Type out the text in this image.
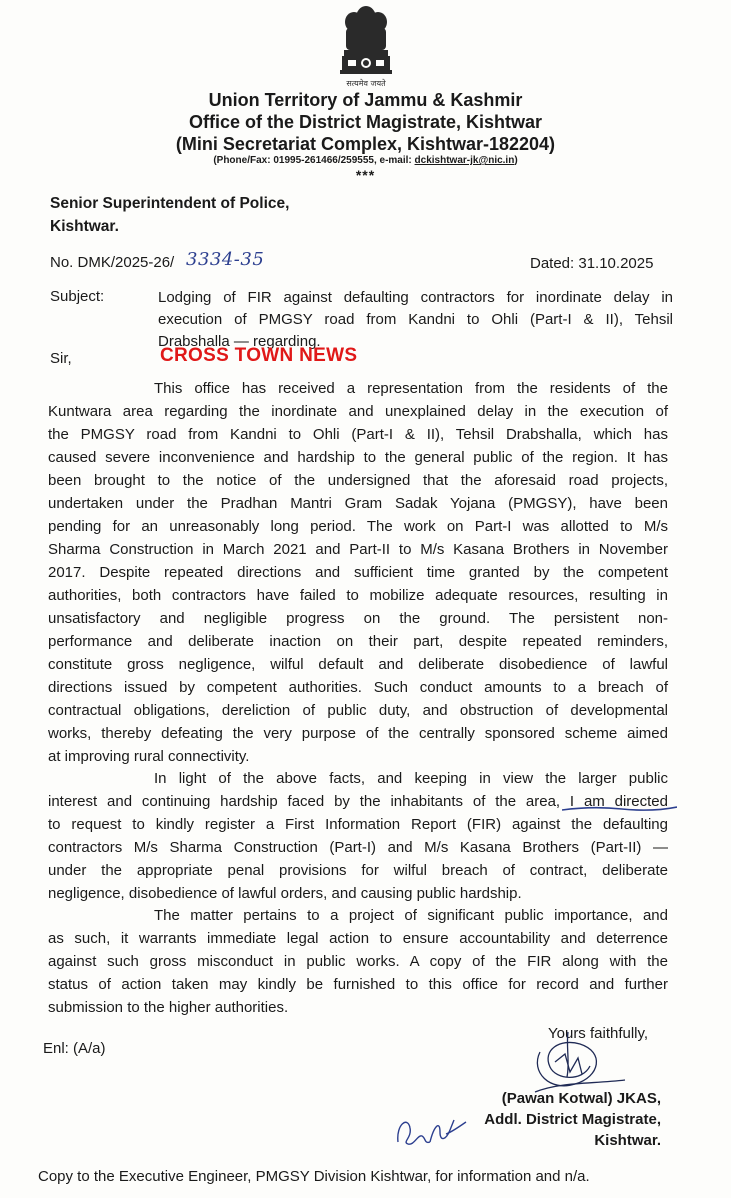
सत्यमेव जयते
Union Territory of Jammu & Kashmir
Office of the District Magistrate, Kishtwar
(Mini Secretariat Complex, Kishtwar-182204)
(Phone/Fax: 01995-261466/259555, e-mail: dckishtwar-jk@nic.in)
***
Senior Superintendent of Police,
Kishtwar.
No. DMK/2025-26/ 3334-35	Dated: 31.10.2025
Subject:	Lodging of FIR against defaulting contractors for inordinate delay in
execution of PMGSY road from Kandni to Ohli (Part-I & II), Tehsil
Drabshalla — regarding.
Sir,	CROSS TOWN NEWS
This office has received a representation from the residents of the
Kuntwara area regarding the inordinate and unexplained delay in the execution of
the PMGSY road from Kandni to Ohli (Part-I & II), Tehsil Drabshalla, which has
caused severe inconvenience and hardship to the general public of the region. It has
been brought to the notice of the undersigned that the aforesaid road projects,
undertaken under the Pradhan Mantri Gram Sadak Yojana (PMGSY), have been
pending for an unreasonably long period. The work on Part-I was allotted to M/s
Sharma Construction in March 2021 and Part-II to M/s Kasana Brothers in November
2017. Despite repeated directions and sufficient time granted by the competent
authorities, both contractors have failed to mobilize adequate resources, resulting in
unsatisfactory and negligible progress on the ground. The persistent non-
performance and deliberate inaction on their part, despite repeated reminders,
constitute gross negligence, wilful default and deliberate disobedience of lawful
directions issued by competent authorities. Such conduct amounts to a breach of
contractual obligations, dereliction of public duty, and obstruction of developmental
works, thereby defeating the very purpose of the centrally sponsored scheme aimed
at improving rural connectivity.
In light of the above facts, and keeping in view the larger public
interest and continuing hardship faced by the inhabitants of the area, I am directed
to request to kindly register a First Information Report (FIR) against the defaulting
contractors M/s Sharma Construction (Part-I) and M/s Kasana Brothers (Part-II) —
under the appropriate penal provisions for wilful breach of contract, deliberate
negligence, disobedience of lawful orders, and causing public hardship.
The matter pertains to a project of significant public importance, and
as such, it warrants immediate legal action to ensure accountability and deterrence
against such gross misconduct in public works. A copy of the FIR along with the
status of action taken may kindly be furnished to this office for record and further
submission to the higher authorities.
Yours faithfully,
Enl: (A/a)
(Pawan Kotwal) JKAS,
Addl. District Magistrate,
Kishtwar.
Copy to the Executive Engineer, PMGSY Division Kishtwar, for information and n/a.
